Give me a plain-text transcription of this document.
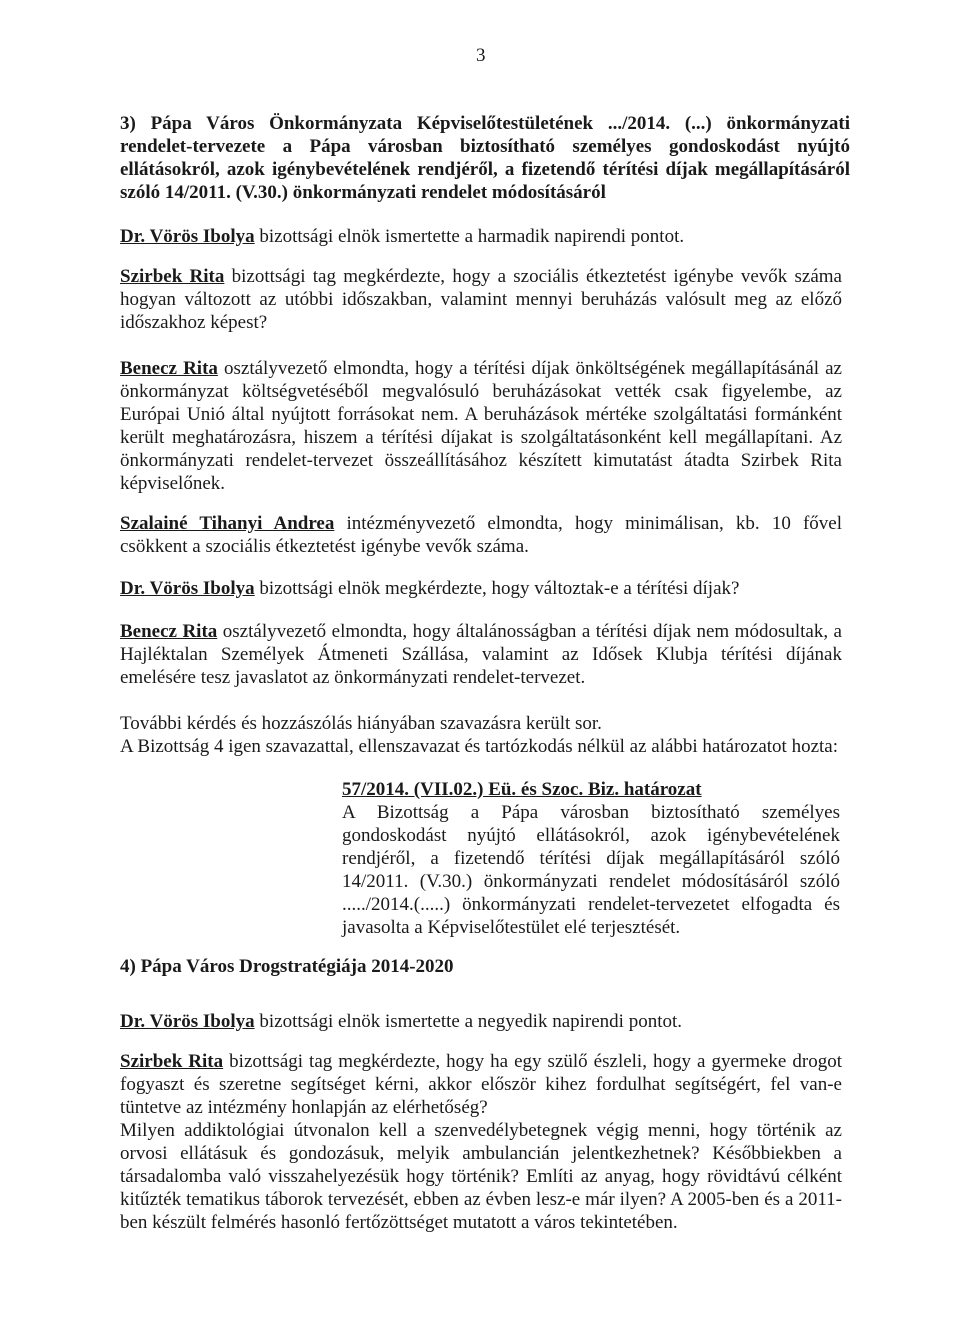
3
3) Pápa Város Önkormányzata Képviselőtestületének .../2014. (...) önkormányzati rendelet-tervezete a Pápa városban biztosítható személyes gondoskodást nyújtó ellátásokról, azok igénybevételének rendjéről, a fizetendő térítési díjak megállapításáról szóló 14/2011. (V.30.) önkormányzati rendelet módosításáról
Dr. Vörös Ibolya bizottsági elnök ismertette a harmadik napirendi pontot.
Szirbek Rita bizottsági tag megkérdezte, hogy a szociális étkeztetést igénybe vevők száma hogyan változott az utóbbi időszakban, valamint mennyi beruházás valósult meg az előző időszakhoz képest?
Benecz Rita osztályvezető elmondta, hogy a térítési díjak önköltségének megállapításánál az önkormányzat költségvetéséből megvalósuló beruházásokat vették csak figyelembe, az Európai Unió által nyújtott forrásokat nem. A beruházások mértéke szolgáltatási formánként került meghatározásra, hiszem a térítési díjakat is szolgáltatásonként kell megállapítani. Az önkormányzati rendelet-tervezet összeállításához készített kimutatást átadta Szirbek Rita képviselőnek.
Szalainé Tihanyi Andrea intézményvezető elmondta, hogy minimálisan, kb. 10 fővel csökkent a szociális étkeztetést igénybe vevők száma.
Dr. Vörös Ibolya bizottsági elnök megkérdezte, hogy változtak-e a térítési díjak?
Benecz Rita osztályvezető elmondta, hogy általánosságban a térítési díjak nem módosultak, a Hajléktalan Személyek Átmeneti Szállása, valamint az Idősek Klubja térítési díjának emelésére tesz javaslatot az önkormányzati rendelet-tervezet.
További kérdés és hozzászólás hiányában szavazásra került sor.
A Bizottság 4 igen szavazattal, ellenszavazat és tartózkodás nélkül az alábbi határozatot hozta:
57/2014. (VII.02.) Eü. és Szoc. Biz. határozat
A Bizottság a Pápa városban biztosítható személyes gondoskodást nyújtó ellátásokról, azok igénybevételének rendjéről, a fizetendő térítési díjak megállapításáról szóló 14/2011. (V.30.) önkormányzati rendelet módosításáról szóló ...../2014.(.....) önkormányzati rendelet-tervezetet elfogadta és javasolta a Képviselőtestület elé terjesztését.
4) Pápa Város Drogstratégiája 2014-2020
Dr. Vörös Ibolya bizottsági elnök ismertette a negyedik napirendi pontot.
Szirbek Rita bizottsági tag megkérdezte, hogy ha egy szülő észleli, hogy a gyermeke drogot fogyaszt és szeretne segítséget kérni, akkor először kihez fordulhat segítségért, fel van-e tüntetve az intézmény honlapján az elérhetőség?
Milyen addiktológiai útvonalon kell a szenvedélybetegnek végig menni, hogy történik az orvosi ellátásuk és gondozásuk, melyik ambulancián jelentkezhetnek? Későbbiekben a társadalomba való visszahelyezésük hogy történik? Említi az anyag, hogy rövidtávú célként kitűzték tematikus táborok tervezését, ebben az évben lesz-e már ilyen? A 2005-ben és a 2011-ben készült felmérés hasonló fertőzöttséget mutatott a város tekintetében.
